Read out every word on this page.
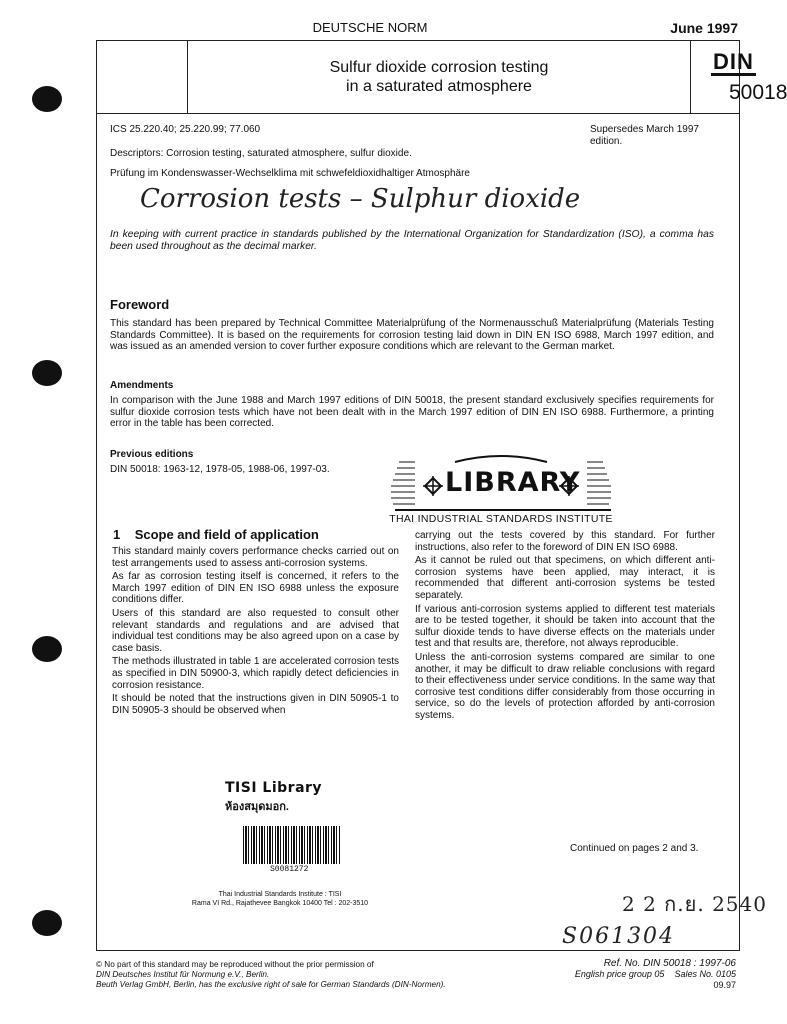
DEUTSCHE NORM	June 1997
Sulfur dioxide corrosion testing
in a saturated atmosphere
DIN
50018
ICS 25.220.40; 25.220.99; 77.060	Supersedes March 1997 edition.
Descriptors: Corrosion testing, saturated atmosphere, sulfur dioxide.
Prüfung im Kondenswasser-Wechselklima mit schwefeldioxidhaltiger Atmosphäre
Corrosion tests – Sulphur dioxide

In keeping with current practice in standards published by the International Organization for Standardization (ISO), a comma has been used throughout as the decimal marker.

Foreword

This standard has been prepared by Technical Committee Materialprüfung of the Normenausschuß Materialprüfung (Materials Testing Standards Committee). It is based on the requirements for corrosion testing laid down in DIN EN ISO 6988, March 1997 edition, and was issued as an amended version to cover further exposure conditions which are relevant to the German market.

Amendments

In comparison with the June 1988 and March 1997 editions of DIN 50018, the present standard exclusively specifies requirements for sulfur dioxide corrosion tests which have not been dealt with in the March 1997 edition of DIN EN ISO 6988. Furthermore, a printing error in the table has been corrected.

Previous editions
DIN 50018: 1963-12, 1978-05, 1988-06, 1997-03.	LIBRARY
THAI INDUSTRIAL STANDARDS INSTITUTE
1 Scope and field of application

This standard mainly covers performance checks carried out on test arrangements used to assess anti-corrosion systems.

As far as corrosion testing itself is concerned, it refers to the March 1997 edition of DIN EN ISO 6988 unless the exposure conditions differ.

Users of this standard are also requested to consult other relevant standards and regulations and are advised that individual test conditions may be also agreed upon on a case by case basis.

The methods illustrated in table 1 are accelerated corrosion tests as specified in DIN 50900-3, which rapidly detect deficiencies in corrosion resistance.

It should be noted that the instructions given in DIN 50905-1 to DIN 50905-3 should be observed when

carrying out the tests covered by this standard. For further instructions, also refer to the foreword of DIN EN ISO 6988.

As it cannot be ruled out that specimens, on which different anti-corrosion systems have been applied, may interact, it is recommended that different anti-corrosion systems be tested separately.

If various anti-corrosion systems applied to different test materials are to be tested together, it should be taken into account that the sulfur dioxide tends to have diverse effects on the materials under test and that results are, therefore, not always reproducible.

Unless the anti-corrosion systems compared are similar to one another, it may be difficult to draw reliable conclusions with regard to their effectiveness under service conditions. In the same way that corrosive test conditions differ considerably from those occurring in service, so do the levels of protection afforded by anti-corrosion systems.

TISI Library
ห้องสมุดมอก.
S0081272
Thai Industrial Standards Institute : TISI
Rama VI Rd., Rajathevee Bangkok 10400 Tel : 202-3510
Continued on pages 2 and 3.
2 2 ก.ย. 2540
S061304
© No part of this standard may be reproduced without the prior permission of
DIN Deutsches Institut für Normung e.V., Berlin.
Beuth Verlag GmbH, Berlin, has the exclusive right of sale for German Standards (DIN-Normen).
Ref. No. DIN 50018 : 1997-06
English price group 05 Sales No. 0105
09.97
